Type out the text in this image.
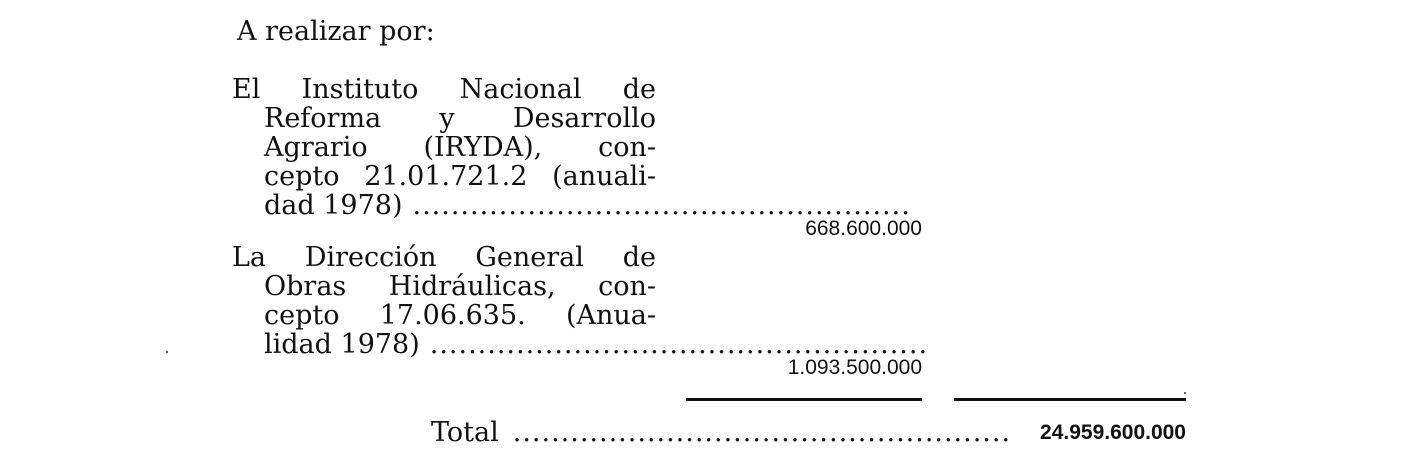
A realizar por:
El Instituto Nacional de
Reforma y Desarrollo
Agrario (IRYDA), con-
cepto 21.01.721.2 (anuali-
dad 1978) ....................................................
668.600.000
La Dirección General de
Obras Hidráulicas, con-
cepto 17.06.635. (Anua-
lidad 1978) ....................................................
1.093.500.000
Total .................................................... 24.959.600.000
